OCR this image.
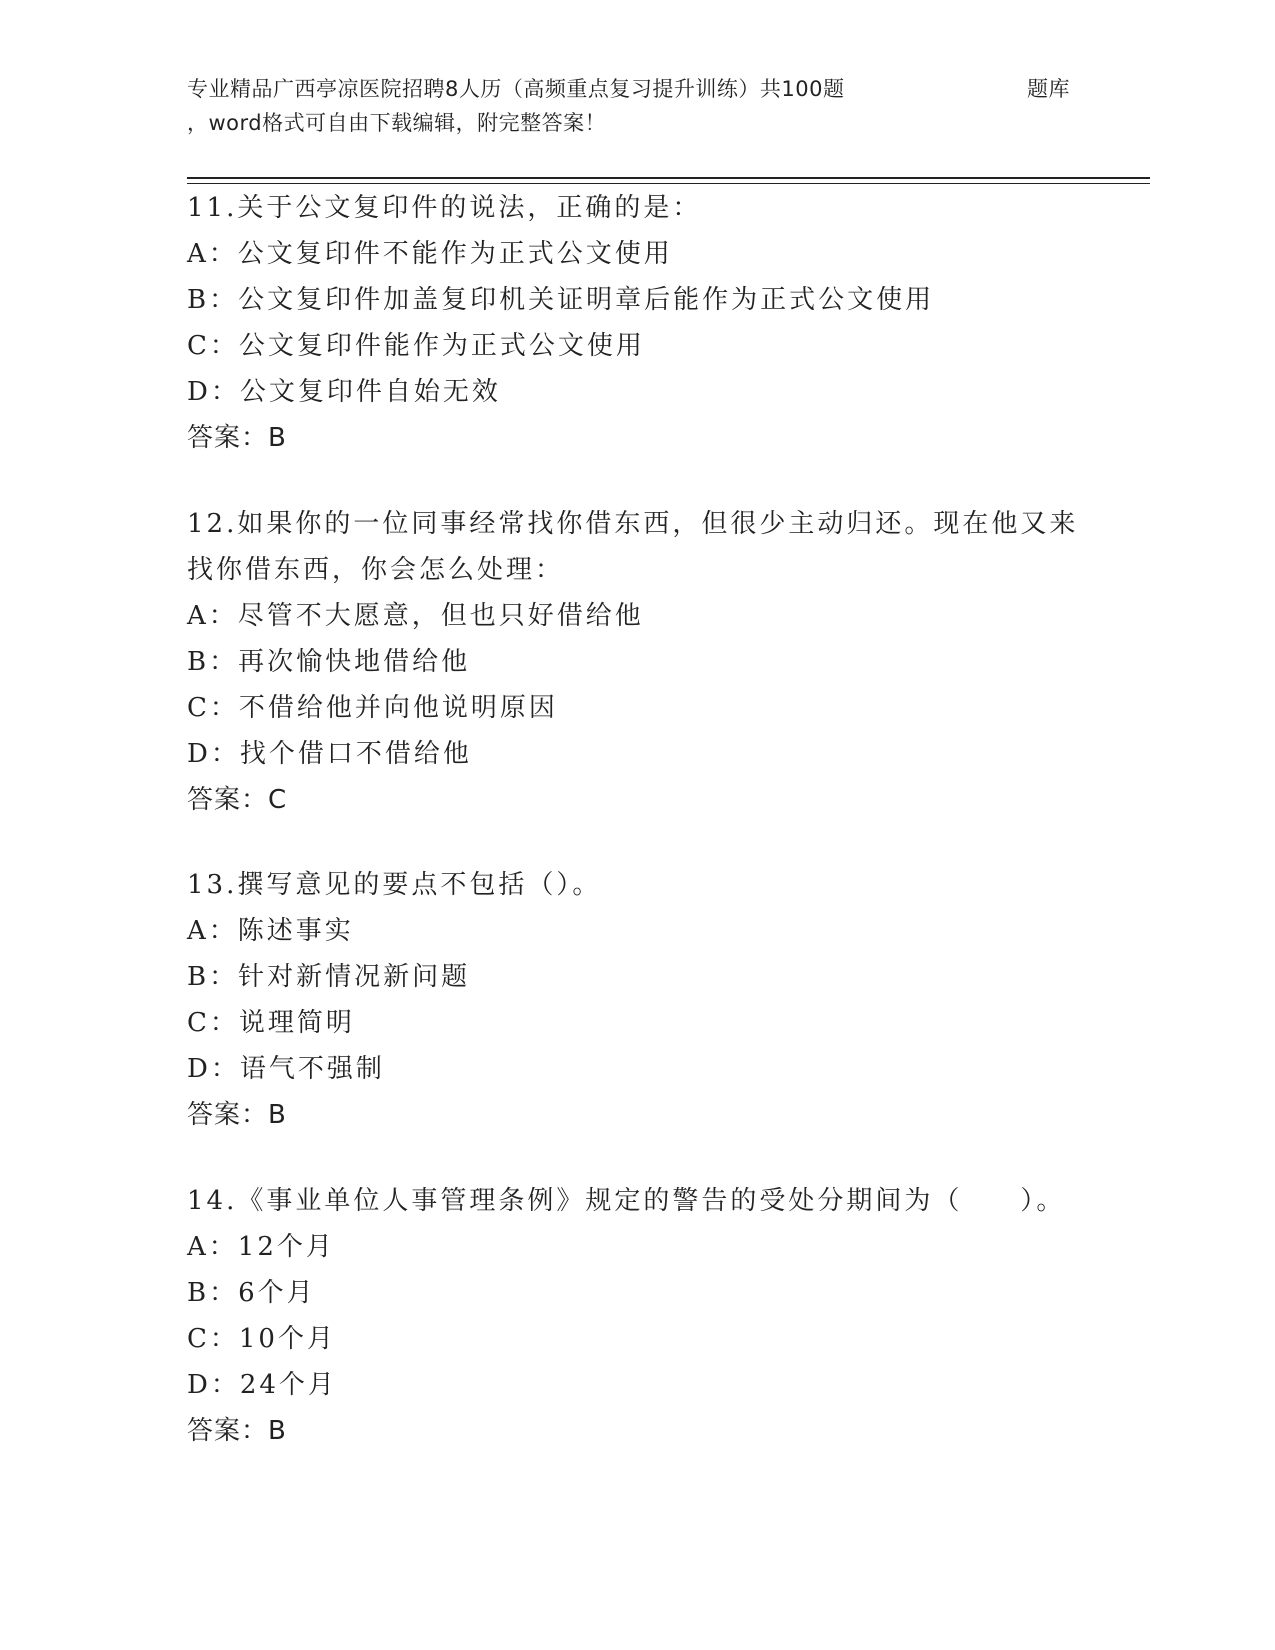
专业精品广西亭凉医院招聘8人历（高频重点复习提升训练）共100题	题库
，word格式可自由下载编辑，附完整答案！
11.关于公文复印件的说法，正确的是：
A：公文复印件不能作为正式公文使用
B：公文复印件加盖复印机关证明章后能作为正式公文使用
C：公文复印件能作为正式公文使用
D：公文复印件自始无效
答案：B
12.如果你的一位同事经常找你借东西，但很少主动归还。现在他又来
找你借东西，你会怎么处理：
A：尽管不大愿意，但也只好借给他
B：再次愉快地借给他
C：不借给他并向他说明原因
D：找个借口不借给他
答案：C
13.撰写意见的要点不包括（）。
A：陈述事实
B：针对新情况新问题
C：说理简明
D：语气不强制
答案：B
14.《事业单位人事管理条例》规定的警告的受处分期间为（　　）。
A：12个月
B：6个月
C：10个月
D：24个月
答案：B
